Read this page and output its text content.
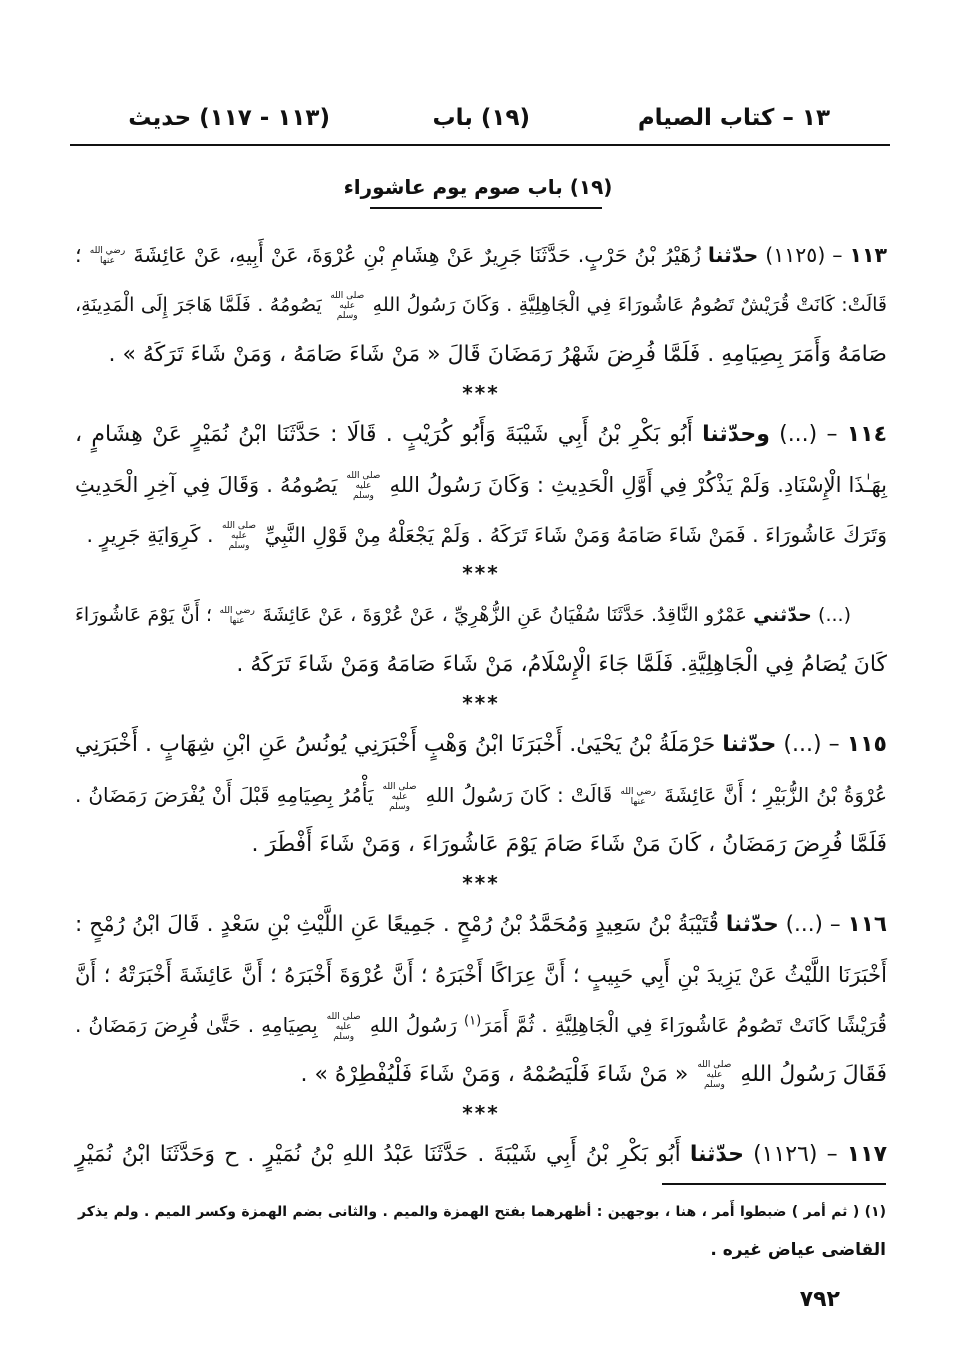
١٣ – كتاب الصيام
(١٩) باب
(١١٣ - ١١٧) حديث
(١٩) باب صوم يوم عاشوراء
١١٣ – (١١٢٥) حدّثنا زُهَيْرُ بْنُ حَرْبٍ. حَدَّثَنَا جَرِيرٌ عَنْ هِشَامِ بْنِ عُرْوَةَ، عَنْ أَبِيهِ، عَنْ عَائِشَةَ رضي الله عنها ؛
قَالَتْ: كَانَتْ قُرَيْشٌ تَصُومُ عَاشُورَاءَ فِي الْجَاهِلِيَّةِ . وَكَانَ رَسُولُ اللهِ صلى الله عليه وسلم يَصُومُهُ . فَلَمَّا هَاجَرَ إِلَى الْمَدِينَةِ،
صَامَهُ وَأَمَرَ بِصِيَامِهِ . فَلَمَّا فُرِضَ شَهْرُ رَمَضَانَ قَالَ « مَنْ شَاءَ صَامَهُ ، وَمَنْ شَاءَ تَرَكَهُ » .
***
١١٤ – (...) وحدّثنا أَبُو بَكْرِ بْنُ أَبِي شَيْبَةَ وَأَبُو كُرَيْبٍ . قَالَا : حَدَّثَنَا ابْنُ نُمَيْرٍ عَنْ هِشَامٍ ،
بِهَـٰذَا الْإِسْنَادِ. وَلَمْ يَذْكُرْ فِي أَوَّلِ الْحَدِيثِ : وَكَانَ رَسُولُ اللهِ صلى الله عليه وسلم يَصُومُهُ . وَقَالَ فِي آخِرِ الْحَدِيثِ
وَتَرَكَ عَاشُورَاءَ . فَمَنْ شَاءَ صَامَهُ وَمَنْ شَاءَ تَرَكَهُ . وَلَمْ يَجْعَلْهُ مِنْ قَوْلِ النَّبِيِّ صلى الله عليه وسلم . كَرِوَايَةِ جَرِيرٍ .
***
(...) حدّثني عَمْرٌو النَّاقِدُ. حَدَّثَنَا سُفْيَانُ عَنِ الزُّهْرِيِّ ، عَنْ عُرْوَةَ ، عَنْ عَائِشَةَ رضي الله عنها ؛ أَنَّ يَوْمَ عَاشُورَاءَ
كَانَ يُصَامُ فِي الْجَاهِلِيَّةِ. فَلَمَّا جَاءَ الْإِسْلَامُ، مَنْ شَاءَ صَامَهُ وَمَنْ شَاءَ تَرَكَهُ .
***
١١٥ – (...) حدّثنا حَرْمَلَةُ بْنُ يَحْيَىٰ. أَخْبَرَنَا ابْنُ وَهْبٍ أَخْبَرَنِي يُونُسُ عَنِ ابْنِ شِهَابٍ . أَخْبَرَنِي
عُرْوَةُ بْنُ الزُّبَيْرِ ؛ أَنَّ عَائِشَةَ رضي الله عنها قَالَتْ : كَانَ رَسُولُ اللهِ صلى الله عليه وسلم يَأْمُرُ بِصِيَامِهِ قَبْلَ أَنْ يُفْرَضَ رَمَضَانُ .
فَلَمَّا فُرِضَ رَمَضَانُ ، كَانَ مَنْ شَاءَ صَامَ يَوْمَ عَاشُورَاءَ ، وَمَنْ شَاءَ أَفْطَرَ .
***
١١٦ – (...) حدّثنا قُتَيْبَةُ بْنُ سَعِيدٍ وَمُحَمَّدُ بْنُ رُمْحٍ . جَمِيعًا عَنِ اللَّيْثِ بْنِ سَعْدٍ . قَالَ ابْنُ رُمْحٍ :
أَخْبَرَنَا اللَّيْثُ عَنْ يَزِيدَ بْنِ أَبِي حَبِيبٍ ؛ أَنَّ عِرَاكًا أَخْبَرَهُ ؛ أَنَّ عُرْوَةَ أَخْبَرَهُ ؛ أَنَّ عَائِشَةَ أَخْبَرَتْهُ ؛ أَنَّ
قُرَيْشًا كَانَتْ تَصُومُ عَاشُورَاءَ فِي الْجَاهِلِيَّةِ . ثُمَّ أَمَرَ$^{(١)}$ رَسُولُ اللهِ صلى الله عليه وسلم بِصِيَامِهِ . حَتَّىٰ فُرِضَ رَمَضَانُ .
فَقَالَ رَسُولُ اللهِ صلى الله عليه وسلم « مَنْ شَاءَ فَلْيَصُمْهُ ، وَمَنْ شَاءَ فَلْيُفْطِرْهُ » .
***
١١٧ – (١١٢٦) حدّثنا أَبُو بَكْرِ بْنُ أَبِي شَيْبَةَ . حَدَّثَنَا عَبْدُ اللهِ بْنُ نُمَيْرٍ . ح وَحَدَّثَنَا ابْنُ نُمَيْرٍ
(١) ( ثم أمر ) ضبطوا أَمر ، هنا ، بوجهين : أظهرهما بفتح الهمزة والميم . والثانى بضم الهمزة وكسر الميم . ولم يذكر
القاضى عياض غيره .
٧٩٢
